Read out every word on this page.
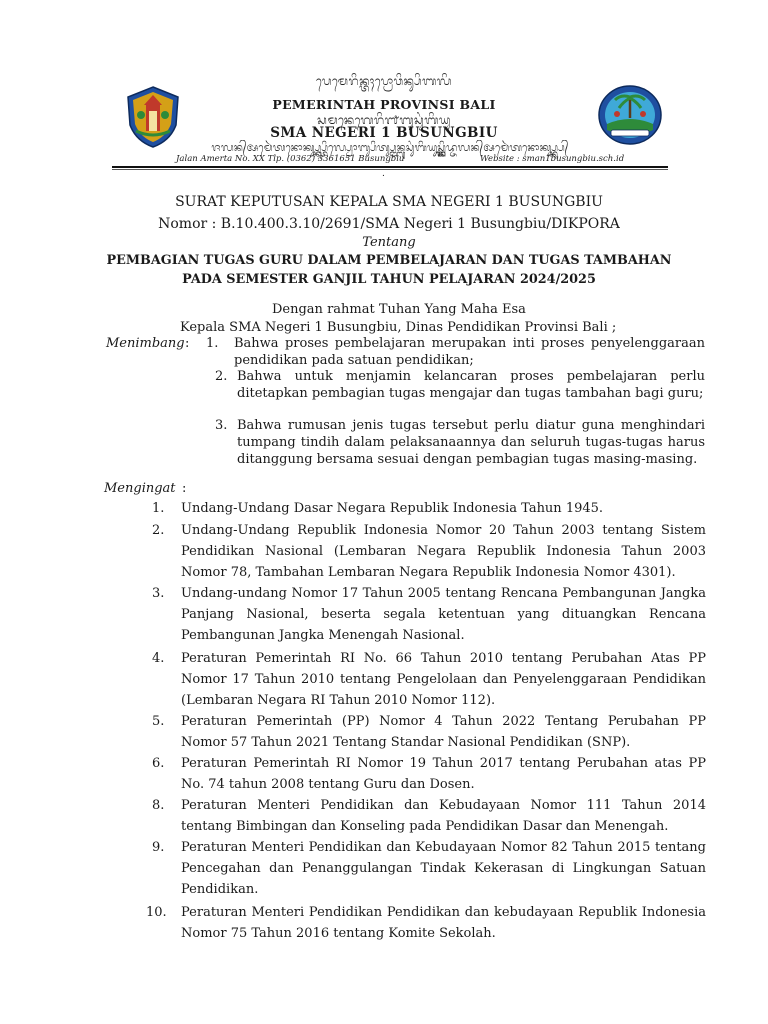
ᬧᬾᬫᬾᬭᬶᬦ᭄ᬢᬄᬧ᭄ᬭᭀᬯᬶᬦ᭄ᬲᬶᬩᬮᬶ
PEMERINTAH PROVINSI BALI
ᬲᬫᬦᬾᬕᬾᬭᬶ᭑ᬩᬸᬲᬸᬂᬩᬶᬬᬸ
SMA NEGERI 1 BUSUNGBIU
ᬚᬮᬦ᭄ᬅᬫᬾᬃᬢᬦᭀᬓ᭄ᬲ᭄ᬓ᭄ᬲ᭄ᬢᬶᬮ᭄ᬧ᭄ᬯᭀᬩ᭄ᬲᬶᬢ᭄ᬲ᭄ᬫᬦ᭄ᬩᬸᬲᬸᬂᬩᬶᬬᬸᬲ᭄ᬓ᭄ᬮ᭄ᬳᬶᬤ᭄ᬚᬮᬦ᭄ᬅᬫᬾᬃᬢᬦᭀᬓ᭄ᬲ᭄ᬓ᭄ᬲ᭄
Jalan Amerta No. XX Tlp. (0362) 3361651 Busungbiu	Website : sman1busungbiu.sch.id
.
SURAT KEPUTUSAN KEPALA SMA NEGERI 1 BUSUNGBIU
Nomor : B.10.400.3.10/2691/SMA Negeri 1 Busungbiu/DIKPORA
Tentang
PEMBAGIAN TUGAS GURU DALAM PEMBELAJARAN DAN TUGAS TAMBAHAN
PADA SEMESTER GANJIL TAHUN PELAJARAN 2024/2025
Dengan rahmat Tuhan Yang Maha Esa
Kepala SMA Negeri 1 Busungbiu, Dinas Pendidikan Provinsi Bali ;
Menimbang : 1. Bahwa proses pembelajaran merupakan inti proses penyelenggaraan pendidikan pada satuan pendidikan;
2. Bahwa untuk menjamin kelancaran proses pembelajaran perlu ditetapkan pembagian tugas mengajar dan tugas tambahan bagi guru;
3. Bahwa rumusan jenis tugas tersebut perlu diatur guna menghindari tumpang tindih dalam pelaksanaannya dan seluruh tugas-tugas harus ditanggung bersama sesuai dengan pembagian tugas masing-masing.
Mengingat :
1. Undang-Undang Dasar Negara Republik Indonesia Tahun 1945.
2. Undang-Undang Republik Indonesia Nomor 20 Tahun 2003 tentang Sistem Pendidikan Nasional (Lembaran Negara Republik Indonesia Tahun 2003 Nomor 78, Tambahan Lembaran Negara Republik Indonesia Nomor 4301).
3. Undang-undang Nomor 17 Tahun 2005 tentang Rencana Pembangunan Jangka Panjang Nasional, beserta segala ketentuan yang dituangkan Rencana Pembangunan Jangka Menengah Nasional.
4. Peraturan Pemerintah RI No. 66 Tahun 2010 tentang Perubahan Atas PP Nomor 17 Tahun 2010 tentang Pengelolaan dan Penyelenggaraan Pendidikan (Lembaran Negara RI Tahun 2010 Nomor 112).
5. Peraturan Pemerintah (PP) Nomor 4 Tahun 2022 Tentang Perubahan PP Nomor 57 Tahun 2021 Tentang Standar Nasional Pendidikan (SNP).
6. Peraturan Pemerintah RI Nomor 19 Tahun 2017 tentang Perubahan atas PP No. 74 tahun 2008 tentang Guru dan Dosen.
8. Peraturan Menteri Pendidikan dan Kebudayaan Nomor 111 Tahun 2014 tentang Bimbingan dan Konseling pada Pendidikan Dasar dan Menengah.
9. Peraturan Menteri Pendidikan dan Kebudayaan Nomor 82 Tahun 2015 tentang Pencegahan dan Penanggulangan Tindak Kekerasan di Lingkungan Satuan Pendidikan.
10. Peraturan Menteri Pendidikan Pendidikan dan kebudayaan Republik Indonesia Nomor 75 Tahun 2016 tentang Komite Sekolah.
